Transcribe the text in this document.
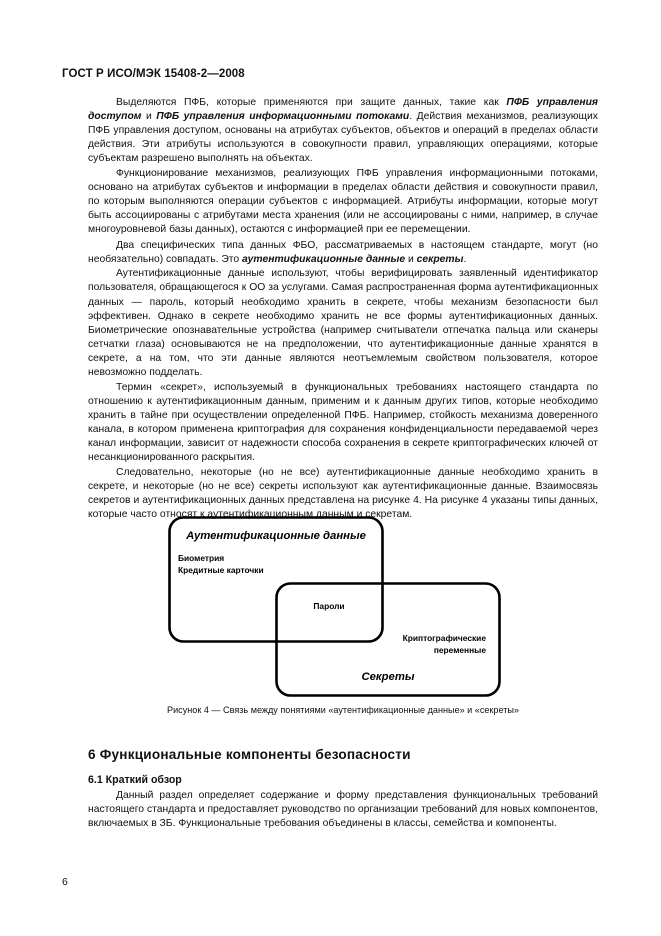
ГОСТ Р ИСО/МЭК 15408-2—2008

Выделяются ПФБ, которые применяются при защите данных, такие как ПФБ управления доступом и ПФБ управления информационными потоками. Действия механизмов, реализующих ПФБ управления доступом, основаны на атрибутах субъектов, объектов и операций в пределах области действия. Эти атрибуты используются в совокупности правил, управляющих операциями, которые субъектам разрешено выполнять на объектах.

Функционирование механизмов, реализующих ПФБ управления информационными потоками, основано на атрибутах субъектов и информации в пределах области действия и совокупности правил, по которым выполняются операции субъектов с информацией. Атрибуты информации, которые могут быть ассоциированы с атрибутами места хранения (или не ассоциированы с ними, например, в случае многоуровневой базы данных), остаются с информацией при ее перемещении.

Два специфических типа данных ФБО, рассматриваемых в настоящем стандарте, могут (но необязательно) совпадать. Это аутентификационные данные и секреты.

Аутентификационные данные используют, чтобы верифицировать заявленный идентификатор пользователя, обращающегося к ОО за услугами. Самая распространенная форма аутентификационных данных — пароль, который необходимо хранить в секрете, чтобы механизм безопасности был эффективен. Однако в секрете необходимо хранить не все формы аутентификационных данных. Биометрические опознавательные устройства (например считыватели отпечатка пальца или сканеры сетчатки глаза) основываются не на предположении, что аутентификационные данные хранятся в секрете, а на том, что эти данные являются неотъемлемым свойством пользователя, которое невозможно подделать.

Термин «секрет», используемый в функциональных требованиях настоящего стандарта по отношению к аутентификационным данным, применим и к данным других типов, которые необходимо хранить в тайне при осуществлении определенной ПФБ. Например, стойкость механизма доверенного канала, в котором применена криптография для сохранения конфиденциальности передаваемой через канал информации, зависит от надежности способа сохранения в секрете криптографических ключей от несанкционированного раскрытия.

Следовательно, некоторые (но не все) аутентификационные данные необходимо хранить в секрете, и некоторые (но не все) секреты используют как аутентификационные данные. Взаимосвязь секретов и аутентификационных данных представлена на рисунке 4. На рисунке 4 указаны типы данных, которые часто относят к аутентификационным данным и секретам.

Аутентификационные данные
Биометрия
Кредитные карточки
Пароли
Криптографические
переменные
Секреты
Рисунок 4 — Связь между понятиями «аутентификационные данные» и «секреты»
6 Функциональные компоненты безопасности
6.1 Краткий обзор

Данный раздел определяет содержание и форму представления функциональных требований настоящего стандарта и предоставляет руководство по организации требований для новых компонентов, включаемых в ЗБ. Функциональные требования объединены в классы, семейства и компоненты.

6
